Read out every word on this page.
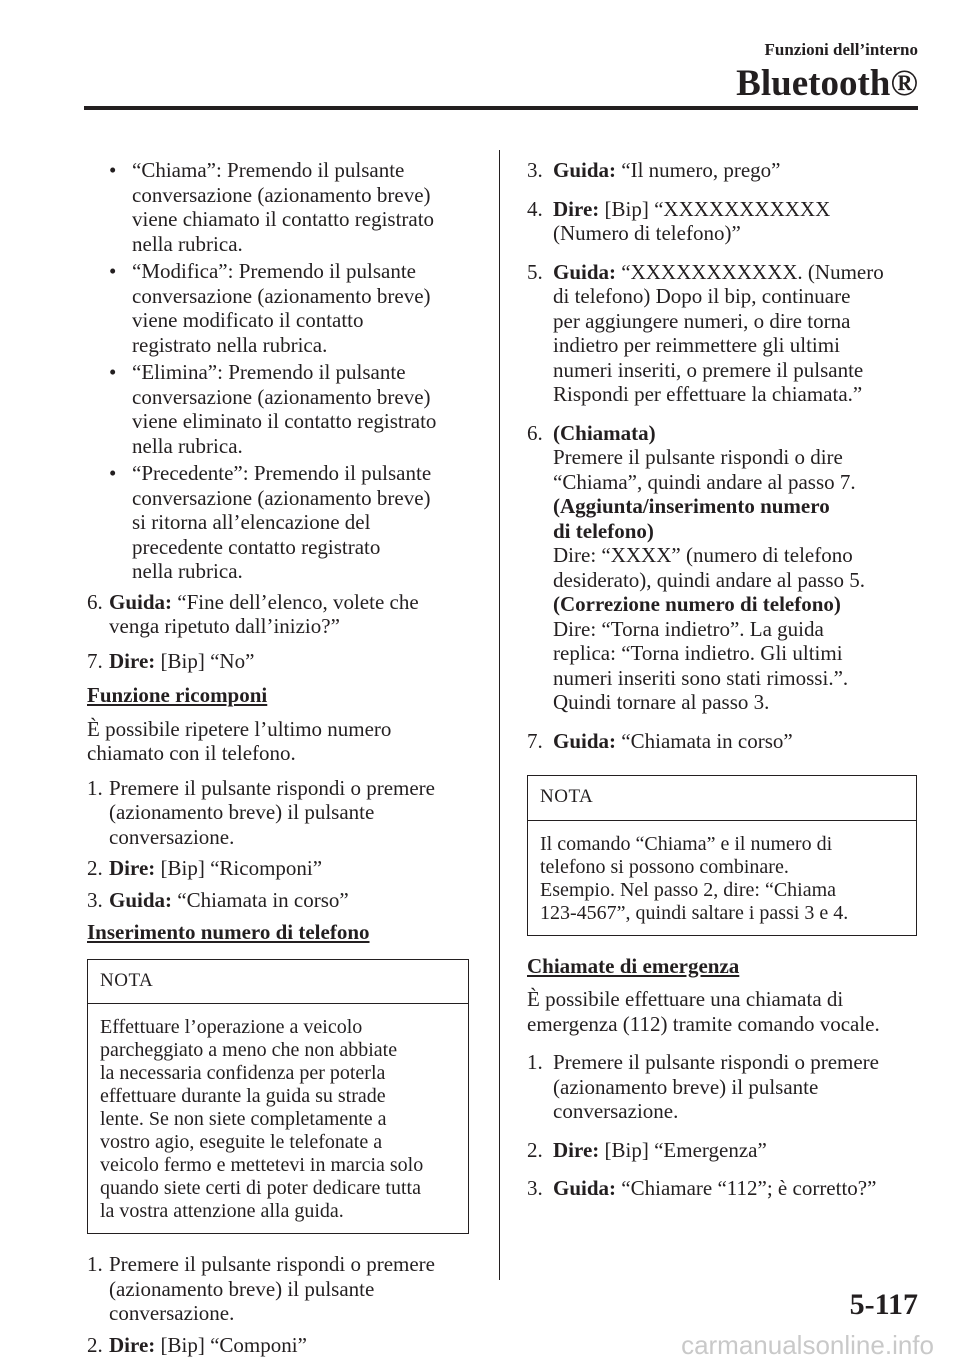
Funzioni dell’interno
Bluetooth®
• “Chiama”: Premendo il pulsante
conversazione (azionamento breve)
viene chiamato il contatto registrato
nella rubrica.
• “Modifica”: Premendo il pulsante
conversazione (azionamento breve)
viene modificato il contatto
registrato nella rubrica.
• “Elimina”: Premendo il pulsante
conversazione (azionamento breve)
viene eliminato il contatto registrato
nella rubrica.
• “Precedente”: Premendo il pulsante
conversazione (azionamento breve)
si ritorna all’elencazione del
precedente contatto registrato
nella rubrica.
6. Guida: “Fine dell’elenco, volete che
venga ripetuto dall’inizio?”
7. Dire: [Bip] “No”
Funzione ricomponi
È possibile ripetere l’ultimo numero
chiamato con il telefono.
1. Premere il pulsante rispondi o premere
(azionamento breve) il pulsante
conversazione.
2. Dire: [Bip] “Ricomponi”
3. Guida: “Chiamata in corso”
Inserimento numero di telefono
NOTA
Effettuare l’operazione a veicolo
parcheggiato a meno che non abbiate
la necessaria confidenza per poterla
effettuare durante la guida su strade
lente. Se non siete completamente a
vostro agio, eseguite le telefonate a
veicolo fermo e mettetevi in marcia solo
quando siete certi di poter dedicare tutta
la vostra attenzione alla guida.
1. Premere il pulsante rispondi o premere
(azionamento breve) il pulsante
conversazione.
2. Dire: [Bip] “Componi”
3. Guida: “Il numero, prego”
4. Dire: [Bip] “XXXXXXXXXXX
(Numero di telefono)”
5. Guida: “XXXXXXXXXXX. (Numero
di telefono) Dopo il bip, continuare
per aggiungere numeri, o dire torna
indietro per reimmettere gli ultimi
numeri inseriti, o premere il pulsante
Rispondi per effettuare la chiamata.”
6. (Chiamata)
Premere il pulsante rispondi o dire
“Chiama”, quindi andare al passo 7.
(Aggiunta/inserimento numero
di telefono)
Dire: “XXXX” (numero di telefono
desiderato), quindi andare al passo 5.
(Correzione numero di telefono)
Dire: “Torna indietro”. La guida
replica: “Torna indietro. Gli ultimi
numeri inseriti sono stati rimossi.”.
Quindi tornare al passo 3.
7. Guida: “Chiamata in corso”
NOTA
Il comando “Chiama” e il numero di
telefono si possono combinare.
Esempio. Nel passo 2, dire: “Chiama
123-4567”, quindi saltare i passi 3 e 4.
Chiamate di emergenza
È possibile effettuare una chiamata di
emergenza (112) tramite comando vocale.
1. Premere il pulsante rispondi o premere
(azionamento breve) il pulsante
conversazione.
2. Dire: [Bip] “Emergenza”
3. Guida: “Chiamare “112”; è corretto?”
5-117
carmanualsonline.info
